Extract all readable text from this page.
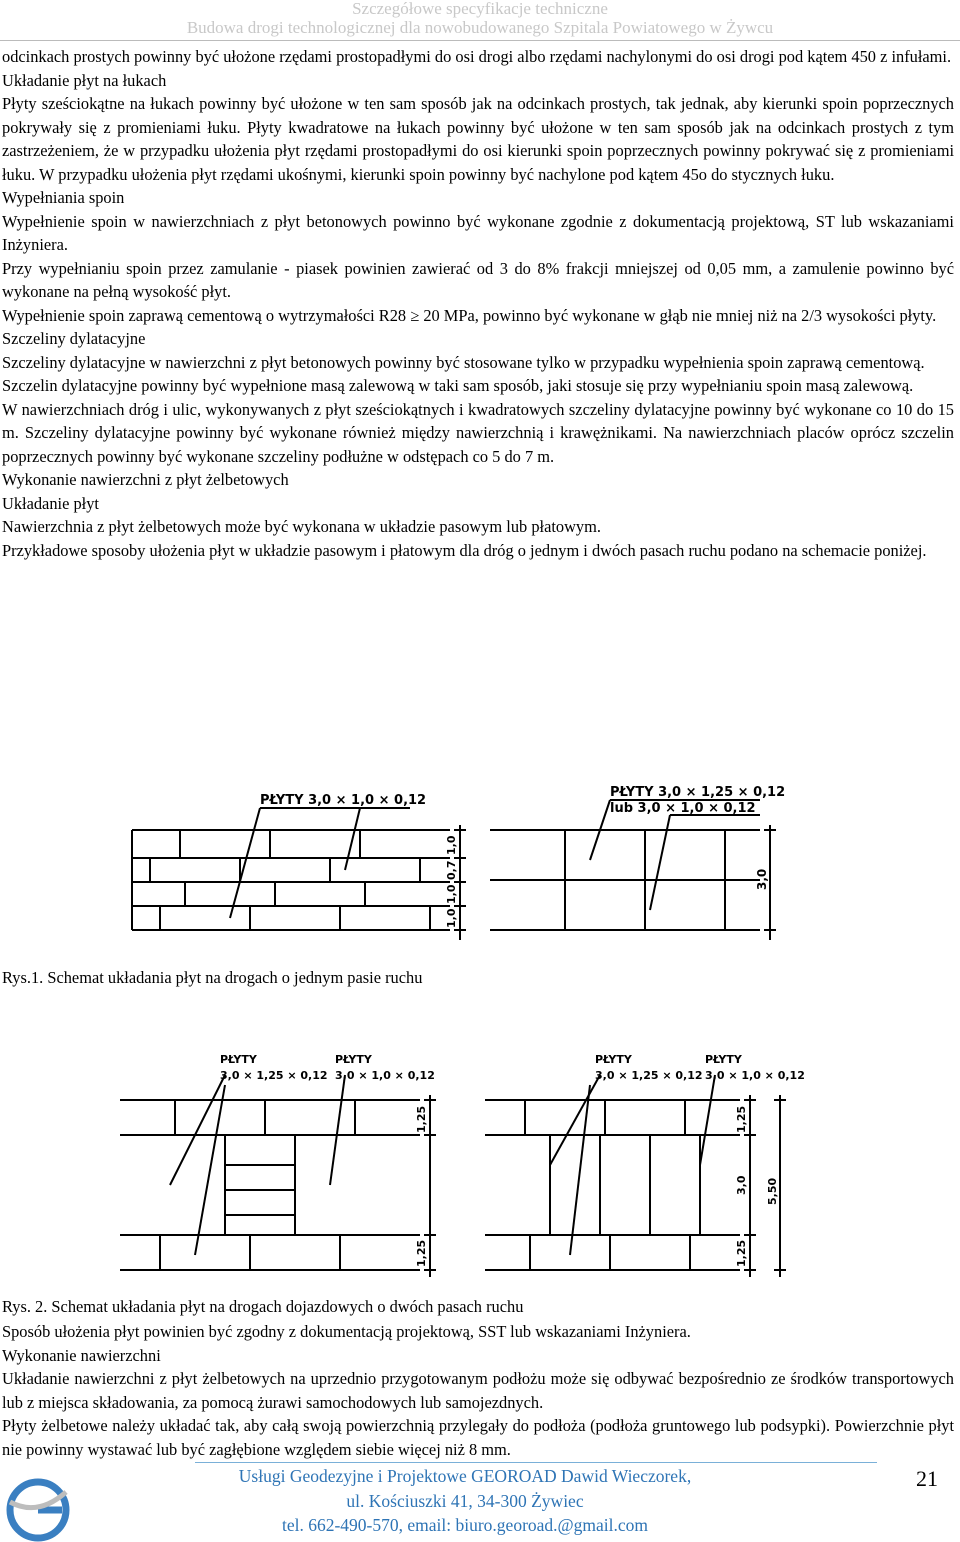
Szczegółowe specyfikacje techniczne
Budowa drogi technologicznej dla nowobudowanego Szpitala Powiatowego w Żywcu

odcinkach prostych powinny być ułożone rzędami prostopadłymi do osi drogi albo rzędami nachylonymi do osi drogi pod kątem 450 z infułami.

Układanie płyt na łukach

Płyty sześciokątne na łukach powinny być ułożone w ten sam sposób jak na odcinkach prostych, tak jednak, aby kierunki spoin poprzecznych pokrywały się z promieniami łuku. Płyty kwadratowe na łukach powinny być ułożone w ten sam sposób jak na odcinkach prostych z tym zastrzeżeniem, że w przypadku ułożenia płyt rzędami prostopadłymi do osi kierunki spoin poprzecznych powinny pokrywać się z promieniami łuku. W przypadku ułożenia płyt rzędami ukośnymi, kierunki spoin powinny być nachylone pod kątem 45o do stycznych łuku.

Wypełniania spoin

Wypełnienie spoin w nawierzchniach z płyt betonowych powinno być wykonane zgodnie z dokumentacją projektową, ST lub wskazaniami Inżyniera.

Przy wypełnianiu spoin przez zamulanie - piasek powinien zawierać od 3 do 8% frakcji mniejszej od 0,05 mm, a zamulenie powinno być wykonane na pełną wysokość płyt.

Wypełnienie spoin zaprawą cementową o wytrzymałości R28 ≥ 20 MPa, powinno być wykonane w głąb nie mniej niż na 2/3 wysokości płyty.

Szczeliny dylatacyjne

Szczeliny dylatacyjne w nawierzchni z płyt betonowych powinny być stosowane tylko w przypadku wypełnienia spoin zaprawą cementową.

Szczelin dylatacyjne powinny być wypełnione masą zalewową w taki sam sposób, jaki stosuje się przy wypełnianiu spoin masą zalewową.

W nawierzchniach dróg i ulic, wykonywanych z płyt sześciokątnych i kwadratowych szczeliny dylatacyjne powinny być wykonane co 10 do 15 m. Szczeliny dylatacyjne powinny być wykonane również między nawierzchnią i krawężnikami. Na nawierzchniach placów oprócz szczelin poprzecznych powinny być wykonane szczeliny podłużne w odstępach co 5 do 7 m.

Wykonanie nawierzchni z płyt żelbetowych

Układanie płyt

Nawierzchnia z płyt żelbetowych może być wykonana w układzie pasowym lub płatowym.

Przykładowe sposoby ułożenia płyt w układzie pasowym i płatowym dla dróg o jednym i dwóch pasach ruchu podano na schemacie poniżej.

PŁYTY 3,0 × 1,0 × 0,12
1,0
0,7
1,0
1,0
PŁYTY 3,0 × 1,25 × 0,12
lub 3,0 × 1,0 × 0,12
3,0
Rys.1. Schemat układania płyt na drogach o jednym pasie ruchu
PŁYTY
3,0 × 1,25 × 0,12
PŁYTY
3,0 × 1,0 × 0,12
1,25
1,25
PŁYTY
3,0 × 1,25 × 0,12
PŁYTY
3,0 × 1,0 × 0,12
1,25
3,0
1,25
5,50
Rys. 2. Schemat układania płyt na drogach dojazdowych o dwóch pasach ruchu

Sposób ułożenia płyt powinien być zgodny z dokumentacją projektową, SST lub wskazaniami Inżyniera.

Wykonanie nawierzchni

Układanie nawierzchni z płyt żelbetowych na uprzednio przygotowanym podłożu może się odbywać bezpośrednio ze środków transportowych lub z miejsca składowania, za pomocą żurawi samochodowych lub samojezdnych.

Płyty żelbetowe należy układać tak, aby całą swoją powierzchnią przylegały do podłoża (podłoża gruntowego lub podsypki). Powierzchnie płyt nie powinny wystawać lub być zagłębione względem siebie więcej niż 8 mm.

Usługi Geodezyjne i Projektowe GEOROAD Dawid Wieczorek,
ul. Kościuszki 41, 34-300 Żywiec
tel. 662-490-570, email: biuro.georoad.@gmail.com
21
